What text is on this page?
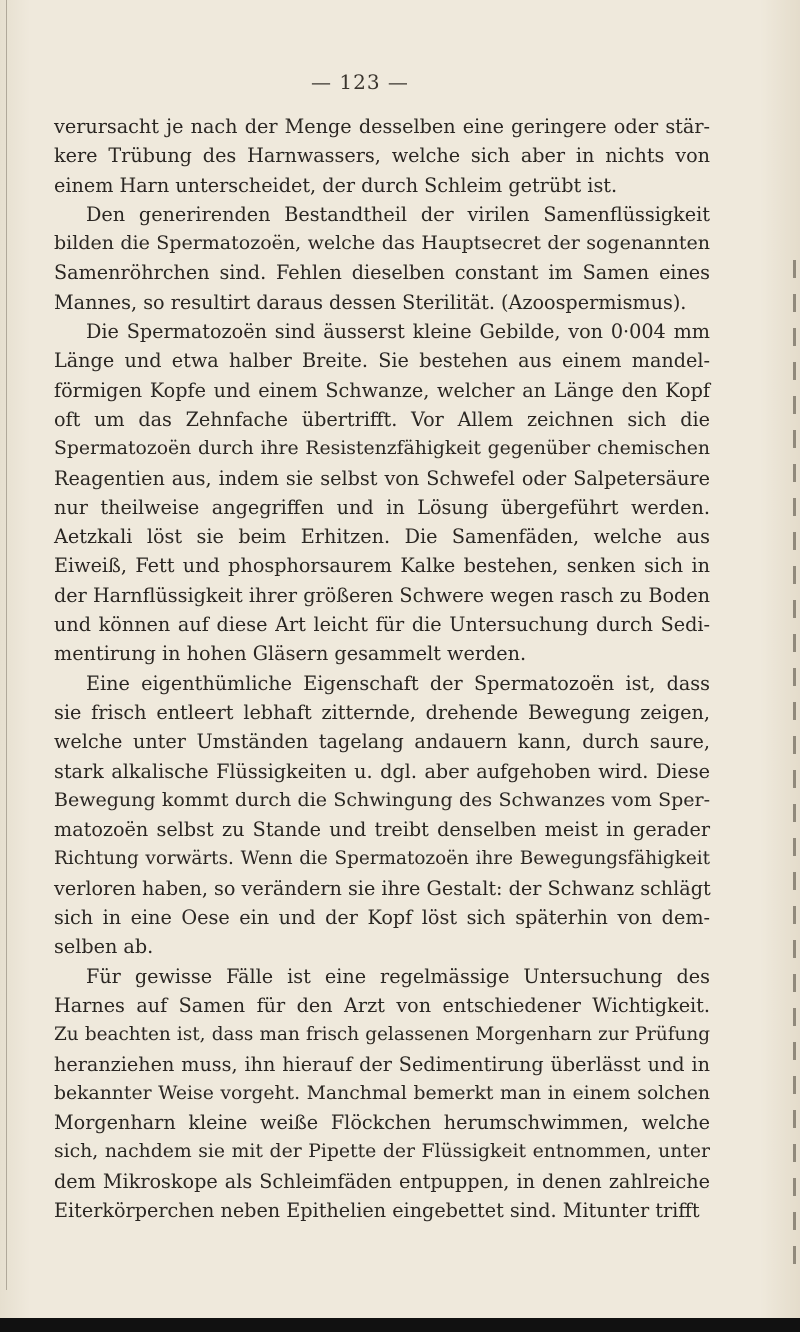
— 123 —
verursacht je nach der Menge desselben eine geringere oder stär-
kere Trübung des Harnwassers, welche sich aber in nichts von
einem Harn unterscheidet, der durch Schleim getrübt ist.
Den generirenden Bestandtheil der virilen Samenflüssigkeit
bilden die Spermatozoën, welche das Hauptsecret der sogenannten
Samenröhrchen sind. Fehlen dieselben constant im Samen eines
Mannes, so resultirt daraus dessen Sterilität. (Azoospermismus).
Die Spermatozoën sind äusserst kleine Gebilde, von 0·004 mm
Länge und etwa halber Breite. Sie bestehen aus einem mandel-
förmigen Kopfe und einem Schwanze, welcher an Länge den Kopf
oft um das Zehnfache übertrifft. Vor Allem zeichnen sich die
Spermatozoën durch ihre Resistenzfähigkeit gegenüber chemischen
Reagentien aus, indem sie selbst von Schwefel oder Salpetersäure
nur theilweise angegriffen und in Lösung übergeführt werden.
Aetzkali löst sie beim Erhitzen. Die Samenfäden, welche aus
Eiweiß, Fett und phosphorsaurem Kalke bestehen, senken sich in
der Harnflüssigkeit ihrer größeren Schwere wegen rasch zu Boden
und können auf diese Art leicht für die Untersuchung durch Sedi-
mentirung in hohen Gläsern gesammelt werden.
Eine eigenthümliche Eigenschaft der Spermatozoën ist, dass
sie frisch entleert lebhaft zitternde, drehende Bewegung zeigen,
welche unter Umständen tagelang andauern kann, durch saure,
stark alkalische Flüssigkeiten u. dgl. aber aufgehoben wird. Diese
Bewegung kommt durch die Schwingung des Schwanzes vom Sper-
matozoën selbst zu Stande und treibt denselben meist in gerader
Richtung vorwärts. Wenn die Spermatozoën ihre Bewegungsfähigkeit
verloren haben, so verändern sie ihre Gestalt: der Schwanz schlägt
sich in eine Oese ein und der Kopf löst sich späterhin von dem-
selben ab.
Für gewisse Fälle ist eine regelmässige Untersuchung des
Harnes auf Samen für den Arzt von entschiedener Wichtigkeit.
Zu beachten ist, dass man frisch gelassenen Morgenharn zur Prüfung
heranziehen muss, ihn hierauf der Sedimentirung überlässt und in
bekannter Weise vorgeht. Manchmal bemerkt man in einem solchen
Morgenharn kleine weiße Flöckchen herumschwimmen, welche
sich, nachdem sie mit der Pipette der Flüssigkeit entnommen, unter
dem Mikroskope als Schleimfäden entpuppen, in denen zahlreiche
Eiterkörperchen neben Epithelien eingebettet sind. Mitunter trifft
